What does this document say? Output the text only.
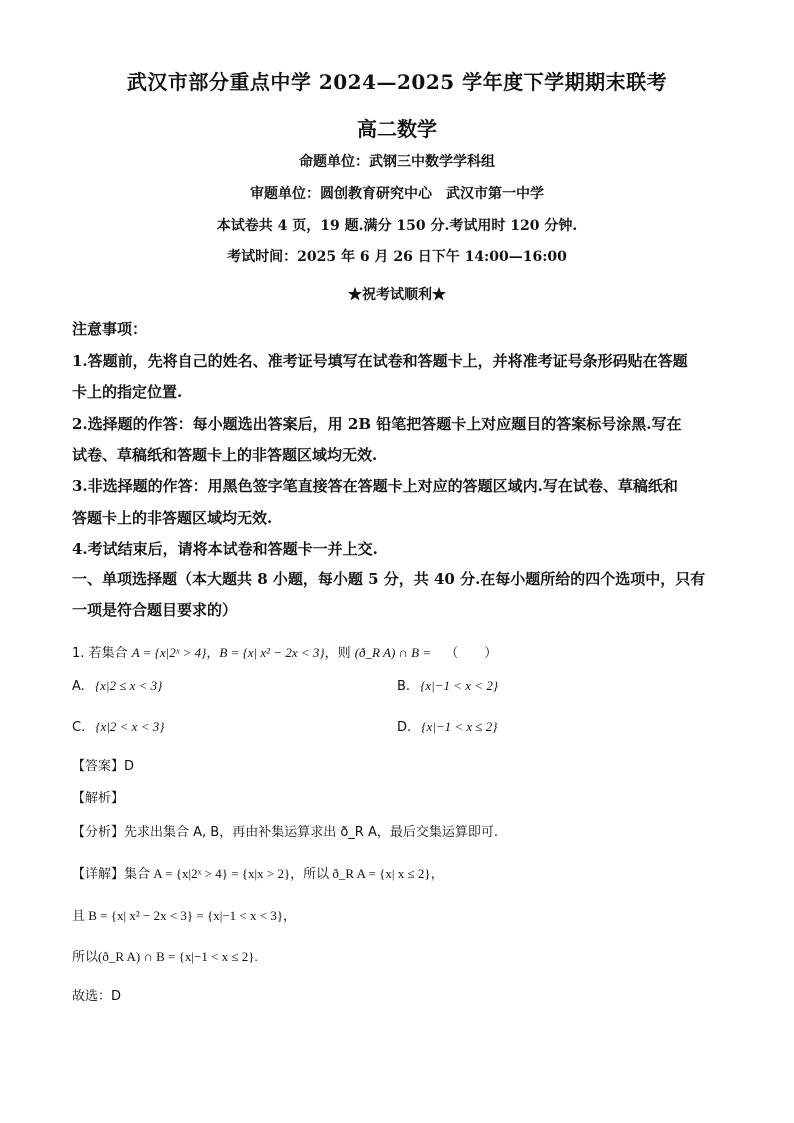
武汉市部分重点中学 2024—2025 学年度下学期期末联考
高二数学
命题单位：武钢三中数学学科组
审题单位：圆创教育研究中心　武汉市第一中学
本试卷共 4 页，19 题.满分 150 分.考试用时 120 分钟.
考试时间：2025 年 6 月 26 日下午 14:00—16:00
★祝考试顺利★
注意事项：
1.答题前，先将自己的姓名、准考证号填写在试卷和答题卡上，并将准考证号条形码贴在答题
卡上的指定位置.
2.选择题的作答：每小题选出答案后，用 2B 铅笔把答题卡上对应题目的答案标号涂黑.写在
试卷、草稿纸和答题卡上的非答题区域均无效.
3.非选择题的作答：用黑色签字笔直接答在答题卡上对应的答题区域内.写在试卷、草稿纸和
答题卡上的非答题区域均无效.
4.考试结束后，请将本试卷和答题卡一并上交.
一、单项选择题（本大题共 8 小题，每小题 5 分，共 40 分.在每小题所给的四个选项中，只有
一项是符合题目要求的）
1. 若集合 A = {x|2ˣ > 4}，B = {x| x² − 2x < 3}，则 (ð_R A) ∩ B = （　　）
A. {x|2 ≤ x < 3}	B. {x|−1 < x < 2}
C. {x|2 < x < 3}	D. {x|−1 < x ≤ 2}
【答案】D
【解析】
【分析】先求出集合 A, B，再由补集运算求出 ð_R A，最后交集运算即可.
【详解】集合 A = {x|2ˣ > 4} = {x|x > 2}，所以 ð_R A = {x| x ≤ 2}，
且 B = {x| x² − 2x < 3} = {x|−1 < x < 3}，
所以(ð_R A) ∩ B = {x|−1 < x ≤ 2}.
故选：D
